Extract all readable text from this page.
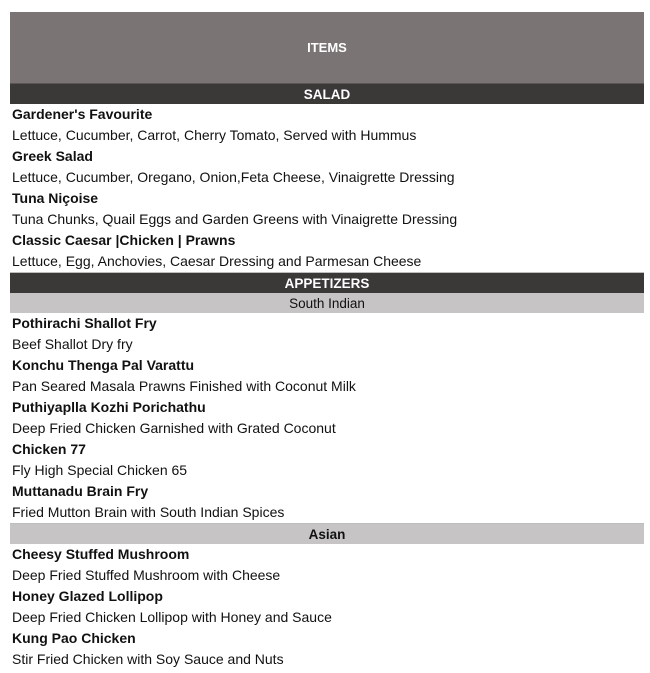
ITEMS
SALAD
Gardener's Favourite
Lettuce, Cucumber, Carrot, Cherry Tomato, Served with Hummus
Greek Salad
Lettuce, Cucumber, Oregano, Onion,Feta Cheese, Vinaigrette Dressing
Tuna Niçoise
Tuna Chunks, Quail Eggs and Garden Greens with Vinaigrette Dressing
Classic Caesar |Chicken | Prawns
Lettuce, Egg, Anchovies, Caesar Dressing and Parmesan Cheese
APPETIZERS
South Indian
Pothirachi Shallot Fry
Beef Shallot Dry fry
Konchu Thenga Pal Varattu
Pan Seared Masala Prawns Finished with Coconut Milk
Puthiyaplla Kozhi Porichathu
Deep Fried Chicken Garnished with Grated Coconut
Chicken 77
Fly High Special Chicken 65
Muttanadu Brain Fry
Fried Mutton Brain with South Indian Spices
Asian
Cheesy Stuffed Mushroom
Deep Fried Stuffed Mushroom with Cheese
Honey Glazed Lollipop
Deep Fried Chicken Lollipop with Honey and Sauce
Kung Pao Chicken
Stir Fried Chicken with Soy Sauce and Nuts
